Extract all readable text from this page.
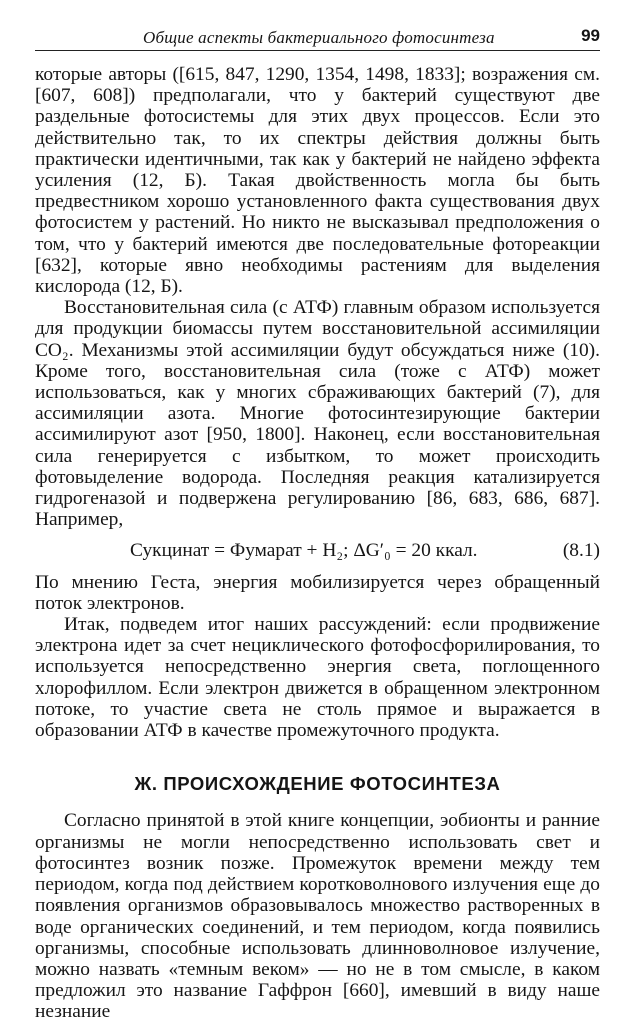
Общие аспекты бактериального фотосинтеза	99

которые авторы ([615, 847, 1290, 1354, 1498, 1833]; возражения см. [607, 608]) предполагали, что у бактерий существуют две раздельные фотосистемы для этих двух процессов. Если это действительно так, то их спектры действия должны быть практически идентичными, так как у бактерий не найдено эффекта усиления (12, Б). Такая двойственность могла бы быть предвестником хорошо установленного факта существования двух фотосистем у растений. Но никто не высказывал предположения о том, что у бактерий имеются две последовательные фотореакции [632], которые явно необходимы растениям для выделения кислорода (12, Б).

Восстановительная сила (с АТФ) главным образом используется для продукции биомассы путем восстановительной ассимиляции CO₂. Механизмы этой ассимиляции будут обсуждаться ниже (10). Кроме того, восстановительная сила (тоже с АТФ) может использоваться, как у многих сбраживающих бактерий (7), для ассимиляции азота. Многие фотосинтезирующие бактерии ассимилируют азот [950, 1800]. Наконец, если восстановительная сила генерируется с избытком, то может происходить фотовыделение водорода. Последняя реакция катализируется гидрогеназой и подвержена регулированию [86, 683, 686, 687]. Например,

Сукцинат = Фумарат + H₂; ΔG′₀ = 20 ккал.	(8.1)

По мнению Геста, энергия мобилизируется через обращенный поток электронов.

Итак, подведем итог наших рассуждений: если продвижение электрона идет за счет нециклического фотофосфорилирования, то используется непосредственно энергия света, поглощенного хлорофиллом. Если электрон движется в обращенном электронном потоке, то участие света не столь прямое и выражается в образовании АТФ в качестве промежуточного продукта.

Ж. ПРОИСХОЖДЕНИЕ ФОТОСИНТЕЗА

Согласно принятой в этой книге концепции, эобионты и ранние организмы не могли непосредственно использовать свет и фотосинтез возник позже. Промежуток времени между тем периодом, когда под действием коротковолнового излучения еще до появления организмов образовывалось множество растворенных в воде органических соединений, и тем периодом, когда появились организмы, способные использовать длинноволновое излучение, можно назвать «темным веком» — но не в том смысле, в каком предложил это название Гаффрон [660], имевший в виду наше незнание
